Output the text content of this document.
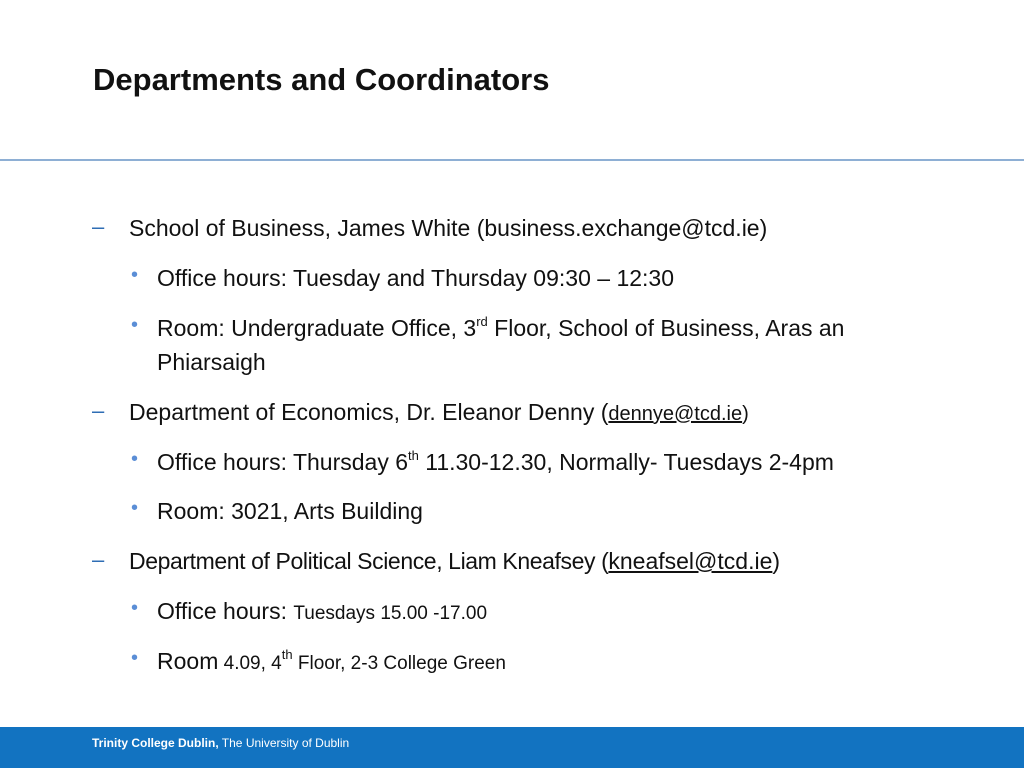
Departments and Coordinators
– School of Business, James White (business.exchange@tcd.ie)
• Office hours: Tuesday and Thursday 09:30 – 12:30
• Room: Undergraduate Office, 3rd Floor, School of Business, Aras an
Phiarsaigh
– Department of Economics, Dr. Eleanor Denny (dennye@tcd.ie)
• Office hours: Thursday 6th 11.30-12.30, Normally- Tuesdays 2-4pm
• Room: 3021, Arts Building
– Department of Political Science, Liam Kneafsey (kneafsel@tcd.ie)
• Office hours: Tuesdays 15.00 -17.00
• Room 4.09, 4th Floor, 2-3 College Green
Trinity College Dublin, The University of Dublin
